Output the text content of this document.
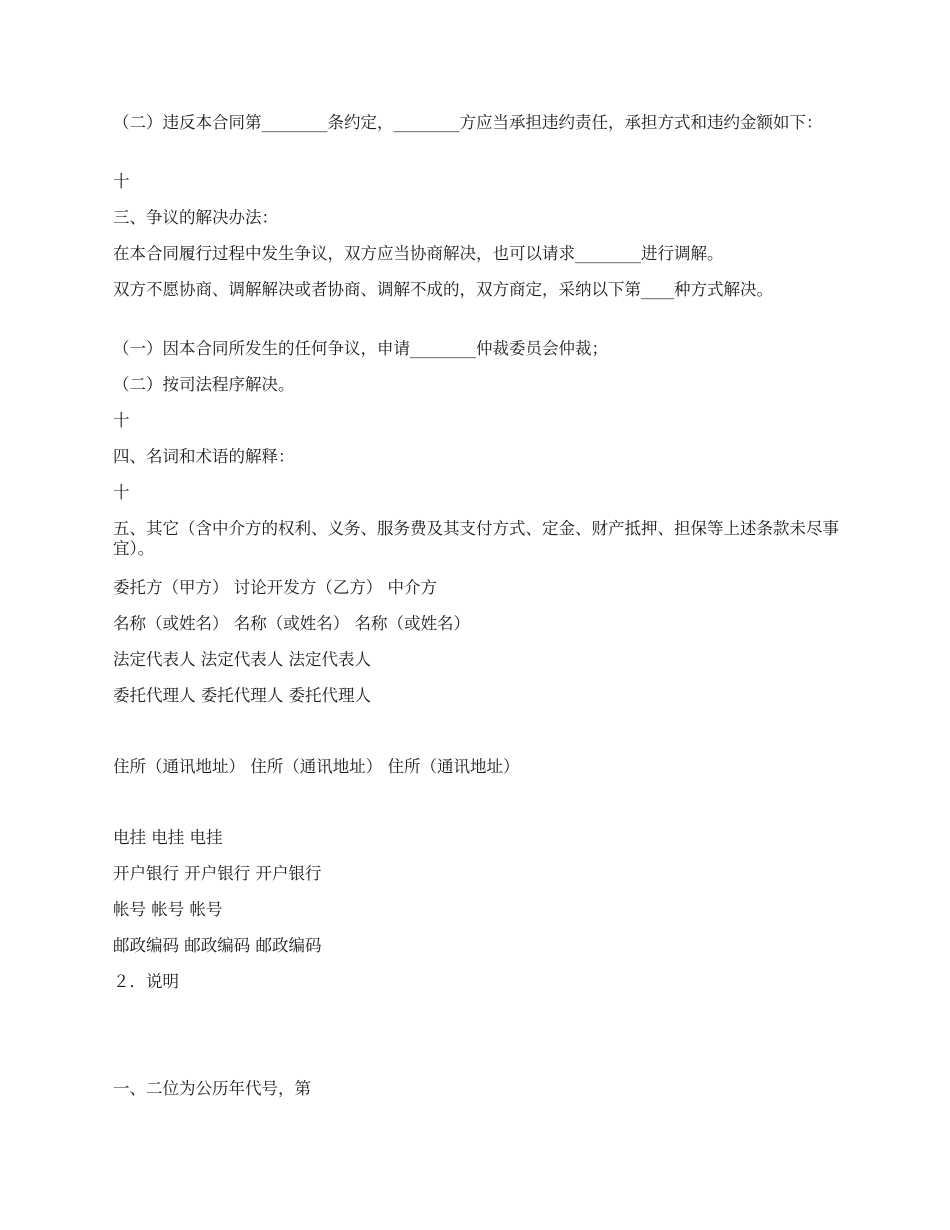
（二）违反本合同第________条约定，________方应当承担违约责任，承担方式和违约金额如下：
十
三、争议的解决办法：
在本合同履行过程中发生争议，双方应当协商解决，也可以请求________进行调解。
双方不愿协商、调解解决或者协商、调解不成的，双方商定，采纳以下第____种方式解决。
（一）因本合同所发生的任何争议，申请________仲裁委员会仲裁；
（二）按司法程序解决。
十
四、名词和术语的解释：
十
五、其它（含中介方的权利、义务、服务费及其支付方式、定金、财产抵押、担保等上述条款未尽事宜）。
委托方（甲方） 讨论开发方（乙方） 中介方
名称（或姓名） 名称（或姓名） 名称（或姓名）
法定代表人 法定代表人 法定代表人
委托代理人 委托代理人 委托代理人
住所（通讯地址） 住所（通讯地址） 住所（通讯地址）
电挂 电挂 电挂
开户银行 开户银行 开户银行
帐号 帐号 帐号
邮政编码 邮政编码 邮政编码
２．说明
一、二位为公历年代号，第
